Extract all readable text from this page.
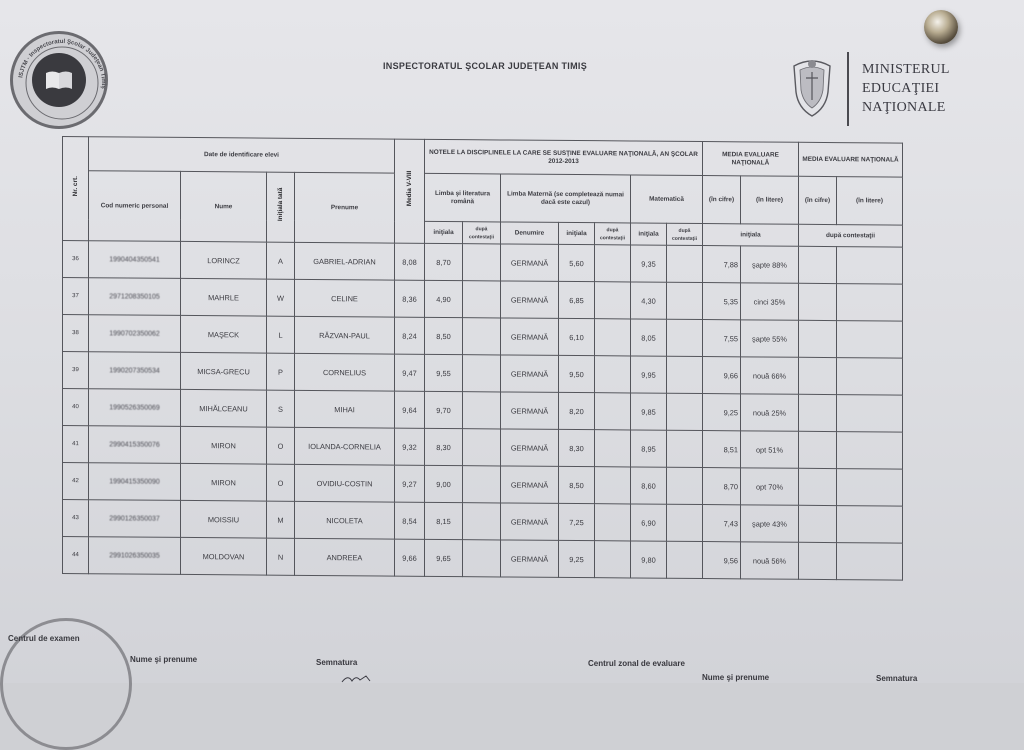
ISJTM · Inspectoratul Şcolar Judeţean Timiş
INSPECTORATUL ŞCOLAR JUDEŢEAN TIMIŞ	MINISTERUL
EDUCAŢIEI
NAŢIONALE
Nr. crt.	Date de identificare elevi				Media V-VIII	NOTELE LA DISCIPLINELE LA CARE SE SUSŢINE EVALUARE NAŢIONALĂ, AN ŞCOLAR 2012-2013							MEDIA EVALUARE NAŢIONALĂ		MEDIA EVALUARE NAŢIONALĂ	
	Cod numeric personal	Nume	Iniţiala tată	Prenume		Limba şi literatura română		Limba Maternă (se completează numai dacă este cazul)			Matematică		(în cifre)	(în litere)	(în cifre)	(în litere)
						iniţiala	după contestaţii	Denumire	iniţiala	după contestaţii	iniţiala	după contestaţii	iniţiala		după contestaţii	
36	1990404350541	LORINCZ	A	GABRIEL-ADRIAN	8,08	8,70		GERMANĂ	5,60		9,35		7,88	şapte 88%		
37	2971208350105	MAHRLE	W	CELINE	8,36	4,90		GERMANĂ	6,85		4,30		5,35	cinci 35%		
38	1990702350062	MAŞECK	L	RĂZVAN-PAUL	8,24	8,50		GERMANĂ	6,10		8,05		7,55	şapte 55%		
39	1990207350534	MICSA-GRECU	P	CORNELIUS	9,47	9,55		GERMANĂ	9,50		9,95		9,66	nouă 66%		
40	1990526350069	MIHĂLCEANU	S	MIHAI	9,64	9,70		GERMANĂ	8,20		9,85		9,25	nouă 25%		
41	2990415350076	MIRON	O	IOLANDA-CORNELIA	9,32	8,30		GERMANĂ	8,30		8,95		8,51	opt 51%		
42	1990415350090	MIRON	O	OVIDIU-COSTIN	9,27	9,00		GERMANĂ	8,50		8,60		8,70	opt 70%		
43	2990126350037	MOISSIU	M	NICOLETA	8,54	8,15		GERMANĂ	7,25		6,90		7,43	şapte 43%		
44	2991026350035	MOLDOVAN	N	ANDREEA	9,66	9,65		GERMANĂ	9,25		9,80		9,56	nouă 56%		
Centrul de examen
Nume şi prenume	Semnatura	Centrul zonal de evaluare
Nume şi prenume	Semnatura
